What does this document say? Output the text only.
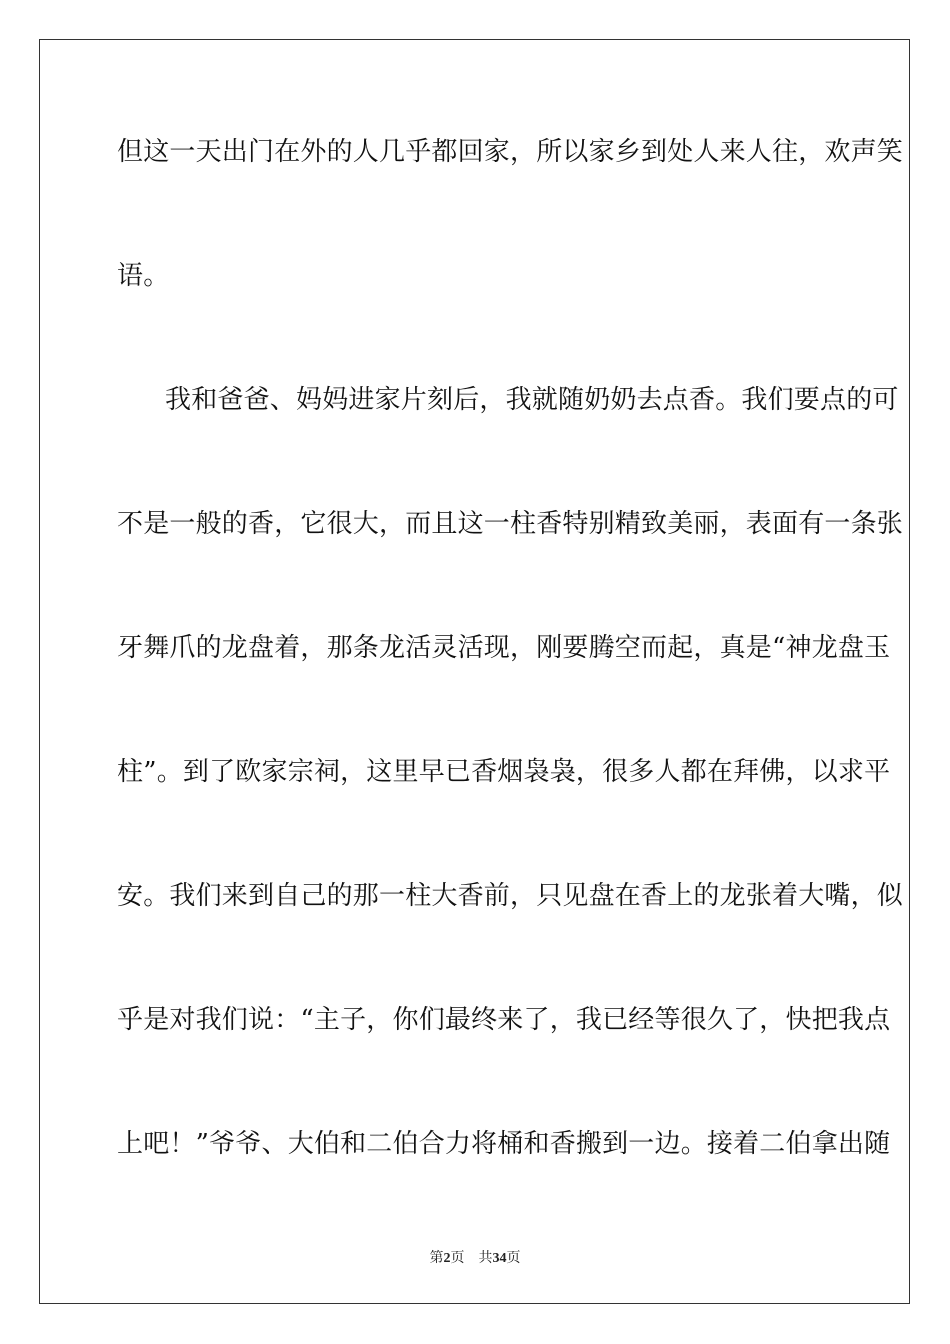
但这一天出门在外的人几乎都回家，所以家乡到处人来人往，欢声笑
语。
我和爸爸、妈妈进家片刻后，我就随奶奶去点香。我们要点的可
不是一般的香，它很大，而且这一柱香特别精致美丽，表面有一条张
牙舞爪的龙盘着，那条龙活灵活现，刚要腾空而起，真是“神龙盘玉
柱”。到了欧家宗祠，这里早已香烟袅袅，很多人都在拜佛，以求平
安。我们来到自己的那一柱大香前，只见盘在香上的龙张着大嘴，似
乎是对我们说：“主子，你们最终来了，我已经等很久了，快把我点
上吧！”爷爷、大伯和二伯合力将桶和香搬到一边。接着二伯拿出随
第2页 共34页
